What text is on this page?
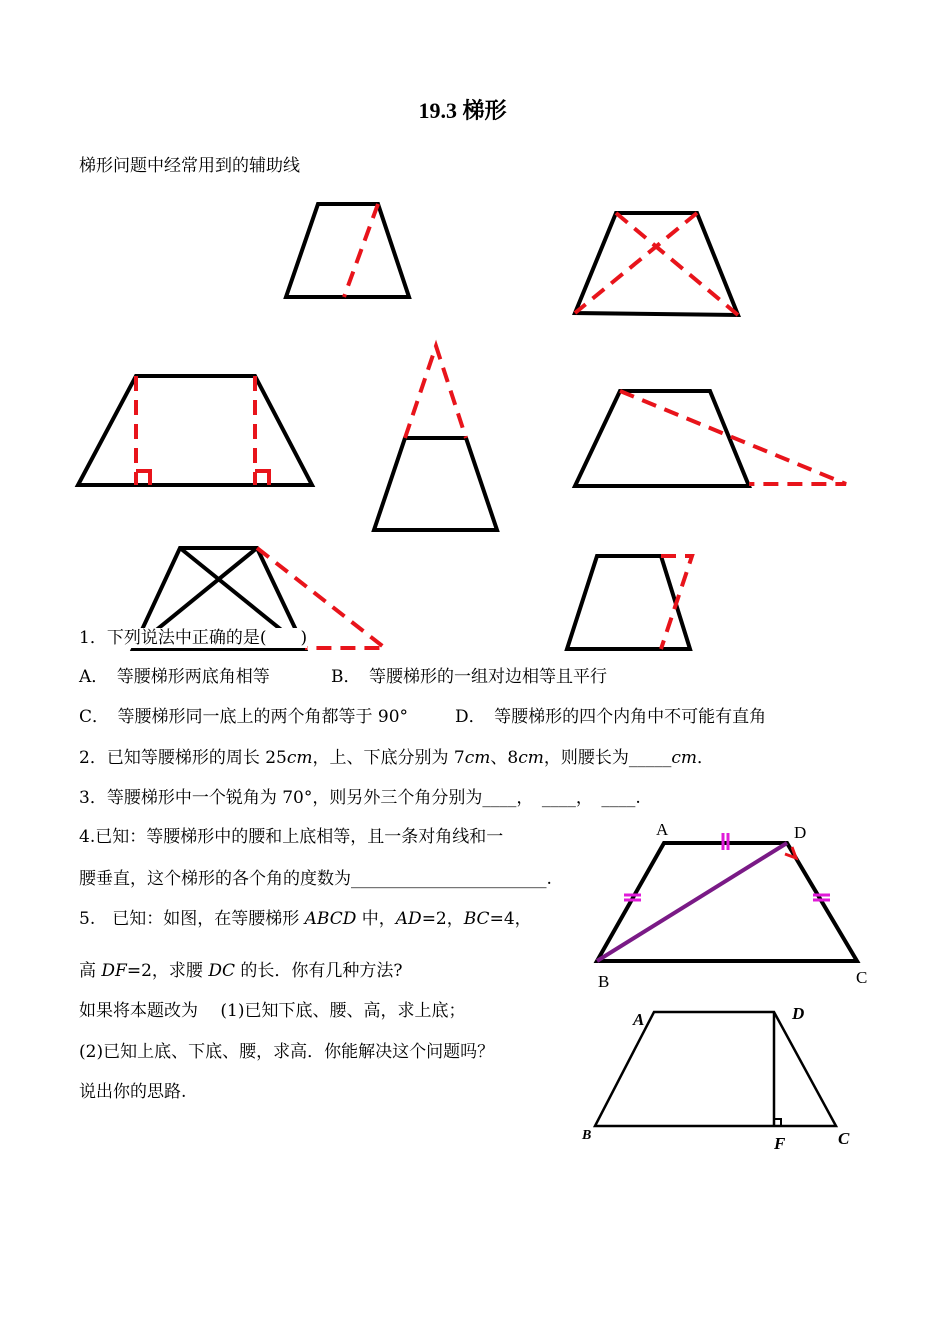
19.3 梯形
梯形问题中经常用到的辅助线
1．下列说法中正确的是(　　)
A．　等腰梯形两底角相等	B．　等腰梯形的一组对边相等且平行
C．　等腰梯形同一底上的两个角都等于 90°	D．　等腰梯形的四个内角中不可能有直角
2．已知等腰梯形的周长 25cm，上、下底分别为 7cm、8cm，则腰长为_____cm．
3．等腰梯形中一个锐角为 70°，则另外三个角分别为____，　____，　____.
4.已知：等腰梯形中的腰和上底相等，且一条对角线和一
腰垂直，这个梯形的各个角的度数为_______________________.
5.　已知：如图，在等腰梯形 ABCD 中，AD=2，BC=4，
高 DF=2，求腰 DC 的长．你有几种方法?
如果将本题改为　 (1)已知下底、腰、高，求上底；
(2)已知上底、下底、腰，求高．你能解决这个问题吗？
说出你的思路.
A	D
B	C
A	D
B	F	C
